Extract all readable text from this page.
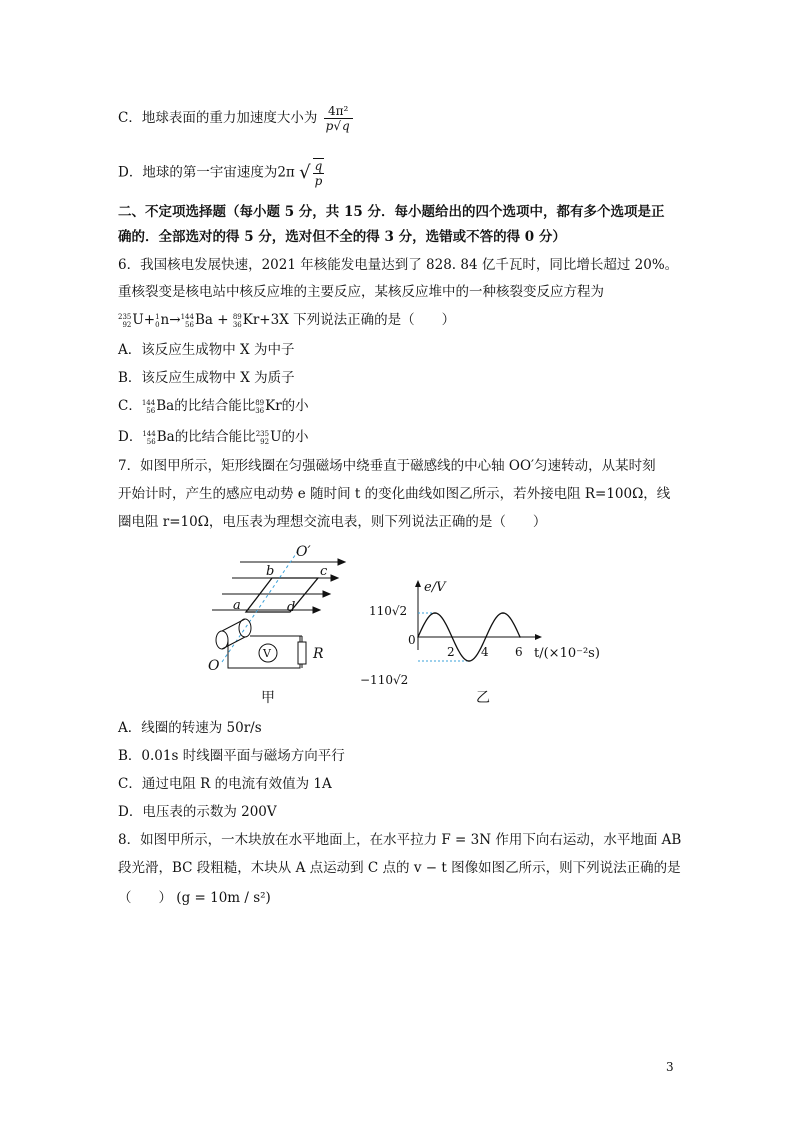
C．地球表面的重力加速度大小为 $\frac{\text{4π²}}{p√q}$
D．地球的第一宇宙速度为2π √ $\frac{q}{p}$
二、不定项选择题（每小题 5 分，共 15 分．每小题给出的四个选项中，都有多个选项是正
确的．全部选对的得 5 分，选对但不全的得 3 分，选错或不答的得 0 分）
6．我国核电发展快速，2021 年核能发电量达到了 828. 84 亿千瓦时，同比增长超过 20%。
重核裂变是核电站中核反应堆的主要反应，某核反应堆中的一种核裂变反应方程为
235
92 U+ 1
0 n→ 144
56 Ba + 89
36 Kr+3X 下列说法正确的是（　　）
A．该反应生成物中 X 为中子
B．该反应生成物中 X 为质子
C． 144
56 Ba的比结合能比 89
36 Kr的小
D． 144
56 Ba的比结合能比 235
92 U的小
7．如图甲所示，矩形线圈在匀强磁场中绕垂直于磁感线的中心轴 OO′匀速转动，从某时刻
开始计时，产生的感应电动势 e 随时间 t 的变化曲线如图乙所示，若外接电阻 R=100Ω，线
圈电阻 r=10Ω，电压表为理想交流电表，则下列说法正确的是（　　）
O′
b	c
a	d
O
V	R
甲
e/V
110√2
0
−110√2
2 4 6 t/(×10⁻²s)
乙
A．线圈的转速为 50r/s
B．0.01s 时线圈平面与磁场方向平行
C．通过电阻 R 的电流有效值为 1A
D．电压表的示数为 200V
8．如图甲所示，一木块放在水平地面上，在水平拉力 F = 3N 作用下向右运动，水平地面 AB
段光滑，BC 段粗糙，木块从 A 点运动到 C 点的 v − t 图像如图乙所示，则下列说法正确的是
（　　） (g = 10m / s²)
3
